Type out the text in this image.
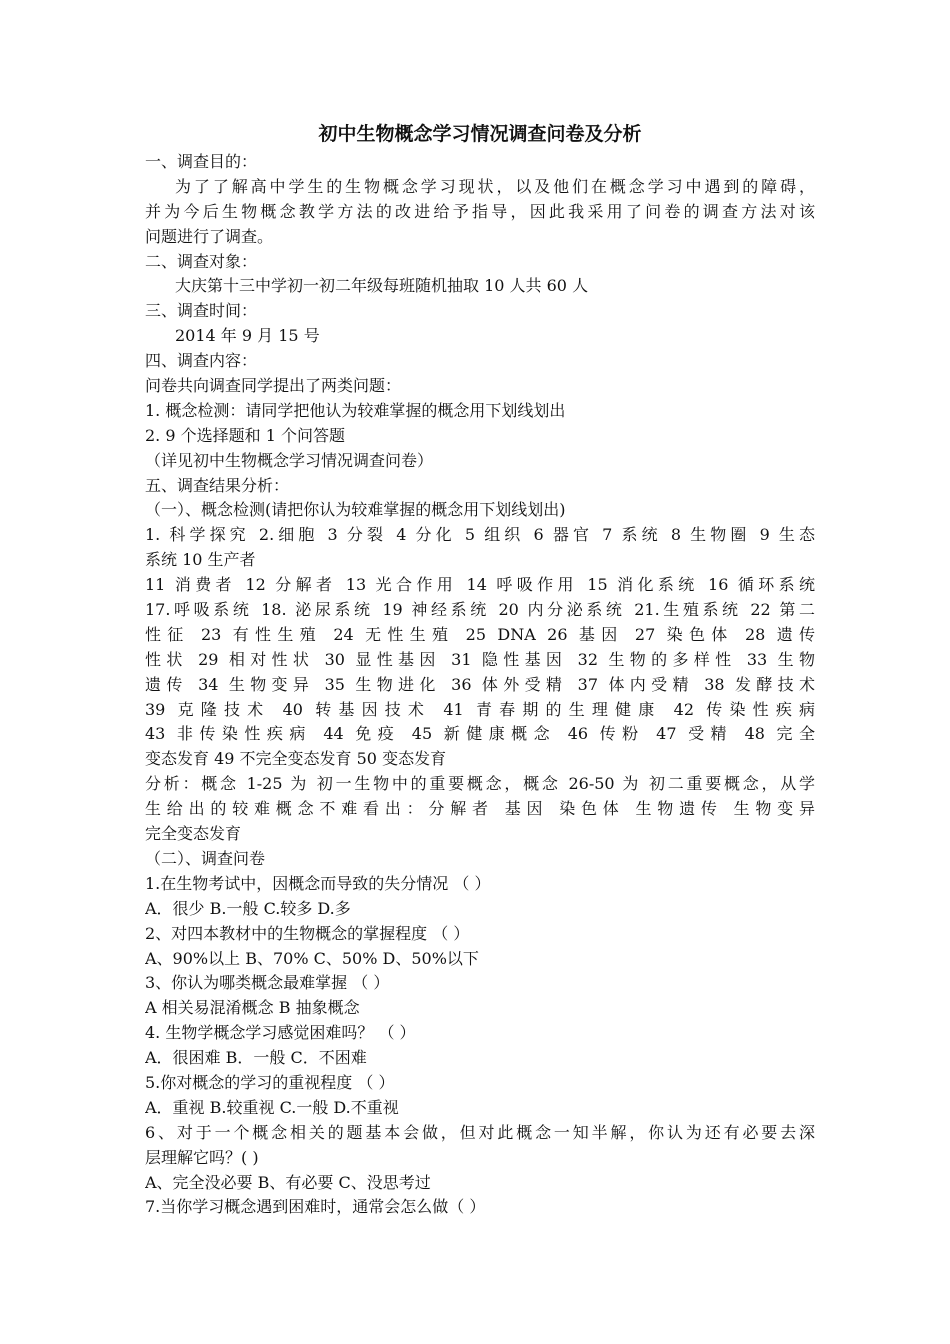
初中生物概念学习情况调查问卷及分析
一、调查目的：
为了了解高中学生的生物概念学习现状，以及他们在概念学习中遇到的障碍，
并为今后生物概念教学方法的改进给予指导，因此我采用了问卷的调查方法对该
问题进行了调查。
二、调查对象：
大庆第十三中学初一初二年级每班随机抽取 10 人共 60 人
三、调查时间：
2014 年 9 月 15 号
四、调查内容：
问卷共向调查同学提出了两类问题：
1. 概念检测：请同学把他认为较难掌握的概念用下划线划出
2. 9 个选择题和 1 个问答题
（详见初中生物概念学习情况调查问卷）
五、调查结果分析：
（一）、概念检测(请把你认为较难掌握的概念用下划线划出)
1. 科学探究 2.细胞 3 分裂 4 分化 5 组织 6 器官 7 系统 8 生物圈 9 生态
系统 10 生产者
11 消费者 12 分解者 13 光合作用 14 呼吸作用 15 消化系统 16 循环系统
17.呼吸系统 18. 泌尿系统 19 神经系统 20 内分泌系统 21.生殖系统 22 第二
性征 23 有性生殖 24 无性生殖 25 DNA 26 基因 27 染色体 28 遗传
性状 29 相对性状 30 显性基因 31 隐性基因 32 生物的多样性 33 生物
遗传 34 生物变异 35 生物进化 36 体外受精 37 体内受精 38 发酵技术
39 克隆技术 40 转基因技术 41 青春期的生理健康 42 传染性疾病
43 非传染性疾病 44 免疫 45 新健康概念 46 传粉 47 受精 48 完全
变态发育 49 不完全变态发育 50 变态发育
分析：概念 1-25 为 初一生物中的重要概念，概念 26-50 为 初二重要概念，从学
生给出的较难概念不难看出：分解者 基因 染色体 生物遗传 生物变异
完全变态发育
（二）、调查问卷
1.在生物考试中，因概念而导致的失分情况 （ ）
A．很少 B.一般 C.较多 D.多
2、对四本教材中的生物概念的掌握程度 （ ）
A、90%以上 B、70% C、50% D、50%以下
3、你认为哪类概念最难掌握 （ ）
A 相关易混淆概念 B 抽象概念
4. 生物学概念学习感觉困难吗？ （ ）
A．很困难 B．一般 C．不困难
5.你对概念的学习的重视程度 （ ）
A．重视 B.较重视 C.一般 D.不重视
6、对于一个概念相关的题基本会做，但对此概念一知半解，你认为还有必要去深
层理解它吗？( )
A、完全没必要 B、有必要 C、没思考过
7.当你学习概念遇到困难时，通常会怎么做（ ）
